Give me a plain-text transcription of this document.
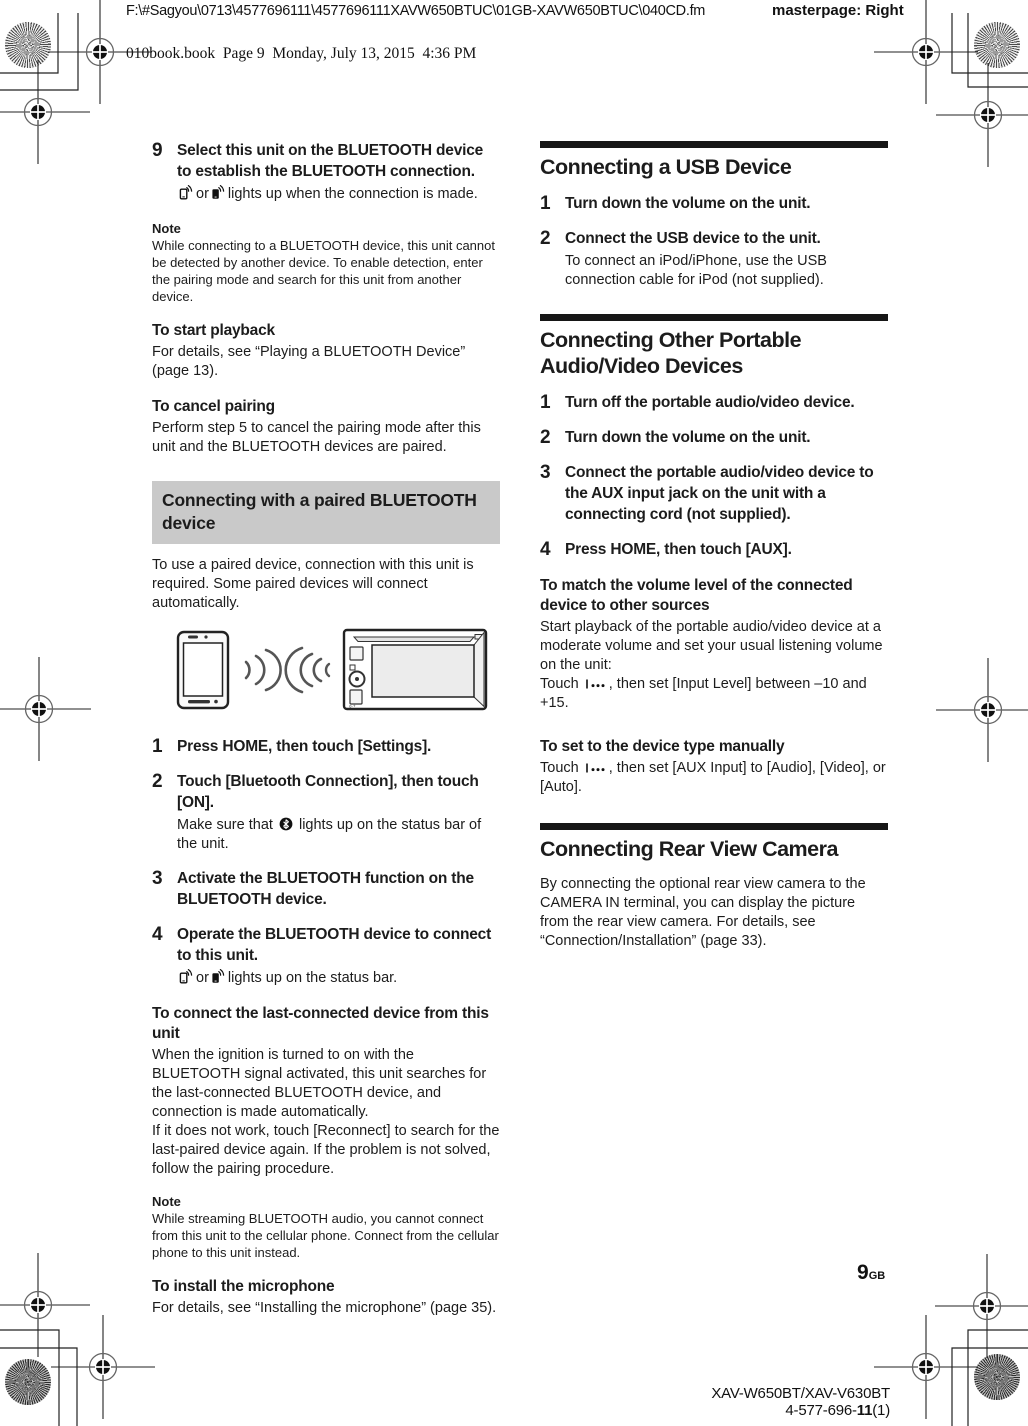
F:\#Sagyou\0713\4577696111\4577696111XAVW650BTUC\01GB-XAVW650BTUC\040CD.fm	masterpage: Right
010book.book  Page 9  Monday, July 13, 2015  4:36 PM
9 Select this unit on the BLUETOOTH device to establish the BLUETOOTH connection.
or lights up when the connection is made.
Note
While connecting to a BLUETOOTH device, this unit cannot be detected by another device. To enable detection, enter the pairing mode and search for this unit from another device.
To start playback

For details, see “Playing a BLUETOOTH Device” (page 13).

To cancel pairing

Perform step 5 to cancel the pairing mode after this unit and the BLUETOOTH devices are paired.

Connecting with a paired BLUETOOTH device

To use a paired device, connection with this unit is required. Some paired devices will connect automatically.

o·+
1 Press HOME, then touch [Settings].
2 Touch [Bluetooth Connection], then touch [ON].
Make sure that lights up on the status bar of the unit.
3 Activate the BLUETOOTH function on the BLUETOOTH device.
4 Operate the BLUETOOTH device to connect to this unit.
or lights up on the status bar.
To connect the last-connected device from this unit

When the ignition is turned to on with the BLUETOOTH signal activated, this unit searches for the last-connected BLUETOOTH device, and connection is made automatically.

If it does not work, touch [Reconnect] to search for the last-paired device again. If the problem is not solved, follow the pairing procedure.

Note
While streaming BLUETOOTH audio, you cannot connect from this unit to the cellular phone. Connect from the cellular phone to this unit instead.
To install the microphone

For details, see “Installing the microphone” (page 35).

Connecting a USB Device
1 Turn down the volume on the unit.
2 Connect the USB device to the unit.
To connect an iPod/iPhone, use the USB connection cable for iPod (not supplied).
Connecting Other Portable Audio/Video Devices
1 Turn off the portable audio/video device.
2 Turn down the volume on the unit.
3 Connect the portable audio/video device to the AUX input jack on the unit with a connecting cord (not supplied).
4 Press HOME, then touch [AUX].
To match the volume level of the connected device to other sources

Start playback of the portable audio/video device at a moderate volume and set your usual listening volume on the unit:

Touch , then set [Input Level] between –10 and +15.

To set to the device type manually

Touch , then set [AUX Input] to [Audio], [Video], or [Auto].

Connecting Rear View Camera

By connecting the optional rear view camera to the CAMERA IN terminal, you can display the picture from the rear view camera. For details, see “Connection/Installation” (page 33).

9GB
XAV-W650BT/XAV-V630BT
4-577-696-11(1)
